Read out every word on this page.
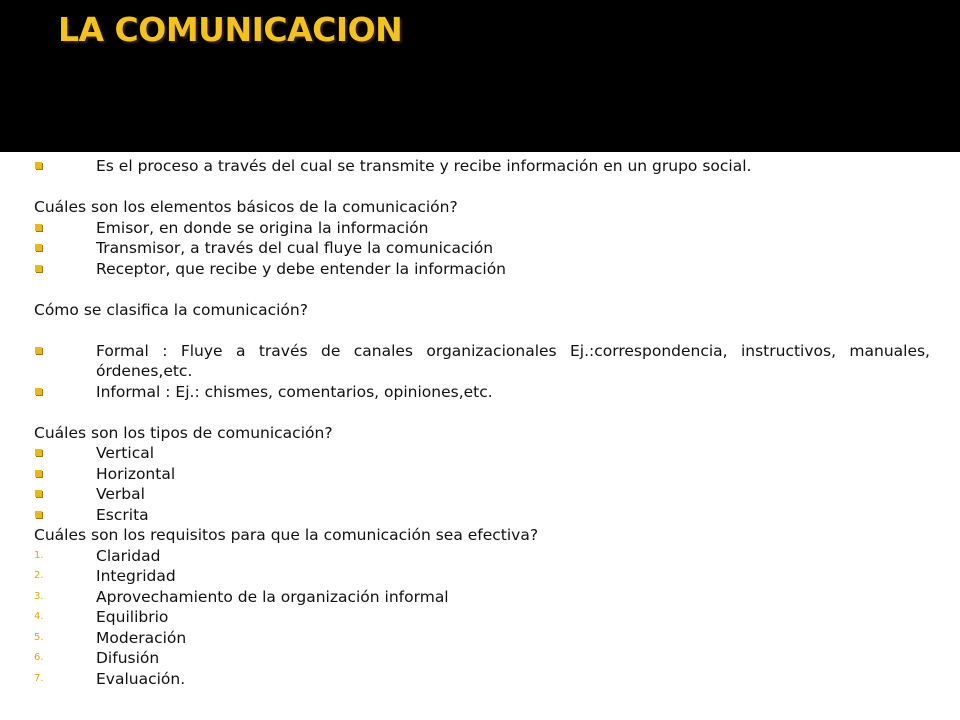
LA COMUNICACION
Es el proceso a través del cual se transmite y recibe información en un grupo social.
Cuáles son los elementos básicos de la comunicación?
Emisor, en donde se origina la información
Transmisor, a través del cual fluye la comunicación
Receptor, que recibe y debe entender la información
Cómo se clasifica la comunicación?
Formal : Fluye a través de canales organizacionales Ej.:correspondencia, instructivos, manuales, órdenes,etc.
Informal : Ej.: chismes, comentarios, opiniones,etc.
Cuáles son los tipos de comunicación?
Vertical
Horizontal
Verbal
Escrita
Cuáles son los requisitos para que la comunicación sea efectiva?
1.	Claridad
2.	Integridad
3.	Aprovechamiento de la organización informal
4.	Equilibrio
5.	Moderación
6.	Difusión
7.	Evaluación.
